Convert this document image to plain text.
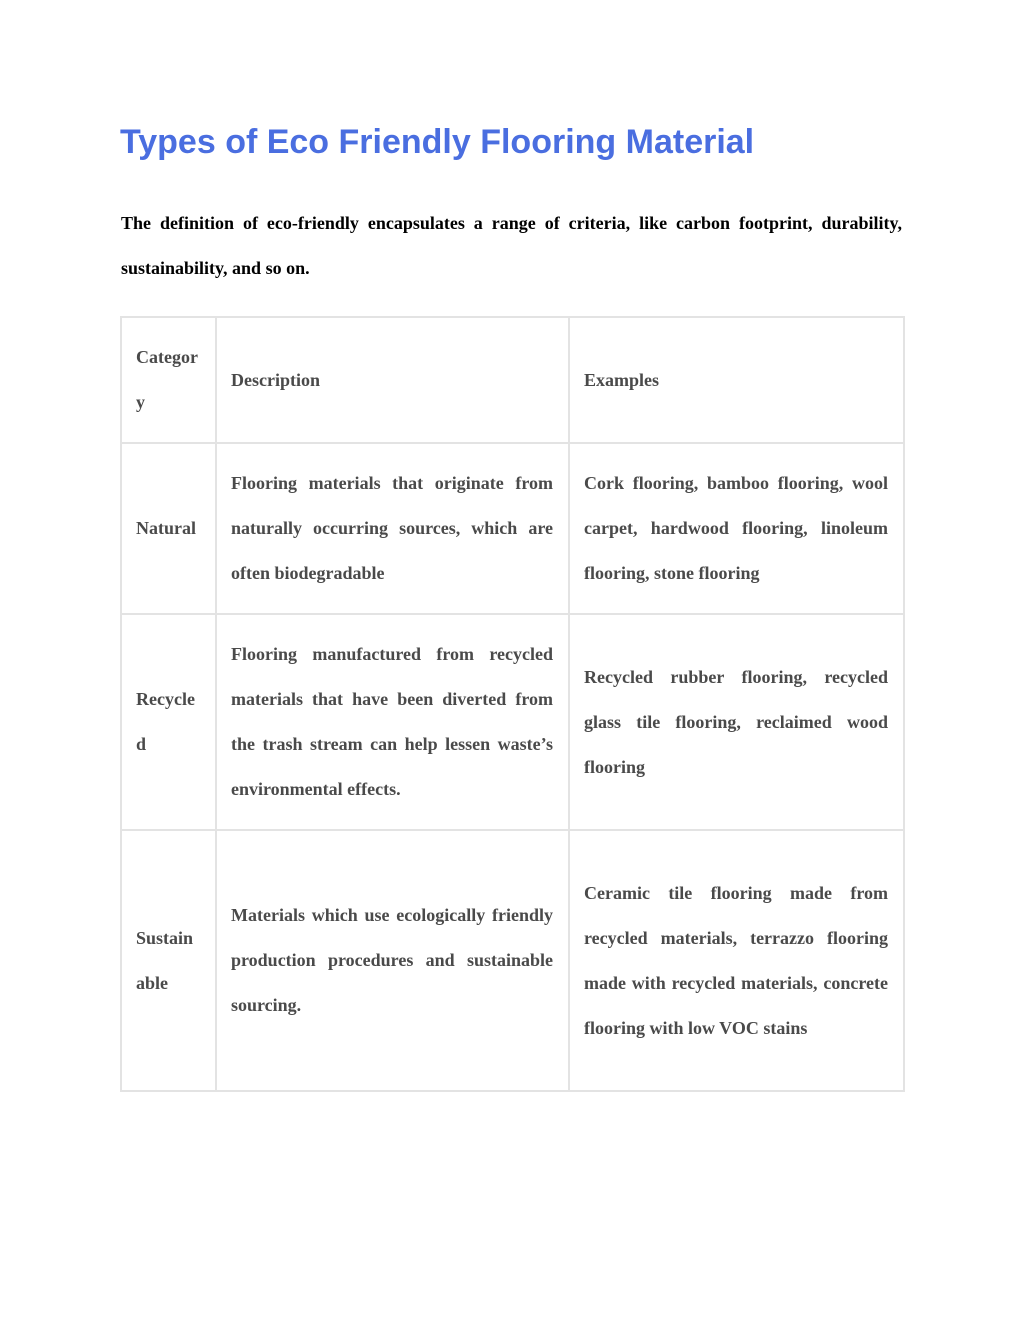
Types of Eco Friendly Flooring Material

The definition of eco-friendly encapsulates a range of criteria, like carbon footprint, durability, sustainability, and so on.

Category	Description	Examples
Natural	Flooring materials that originate from naturally occurring sources, which are often biodegradable	Cork flooring, bamboo flooring, wool carpet, hardwood flooring, linoleum flooring, stone flooring
Recycled	Flooring manufactured from recycled materials that have been diverted from the trash stream can help lessen waste’s environmental effects.	Recycled rubber flooring, recycled glass tile flooring, reclaimed wood flooring
Sustainable	Materials which use ecologically friendly production procedures and sustainable sourcing.	Ceramic tile flooring made from recycled materials, terrazzo flooring made with recycled materials, concrete flooring with low VOC stains
